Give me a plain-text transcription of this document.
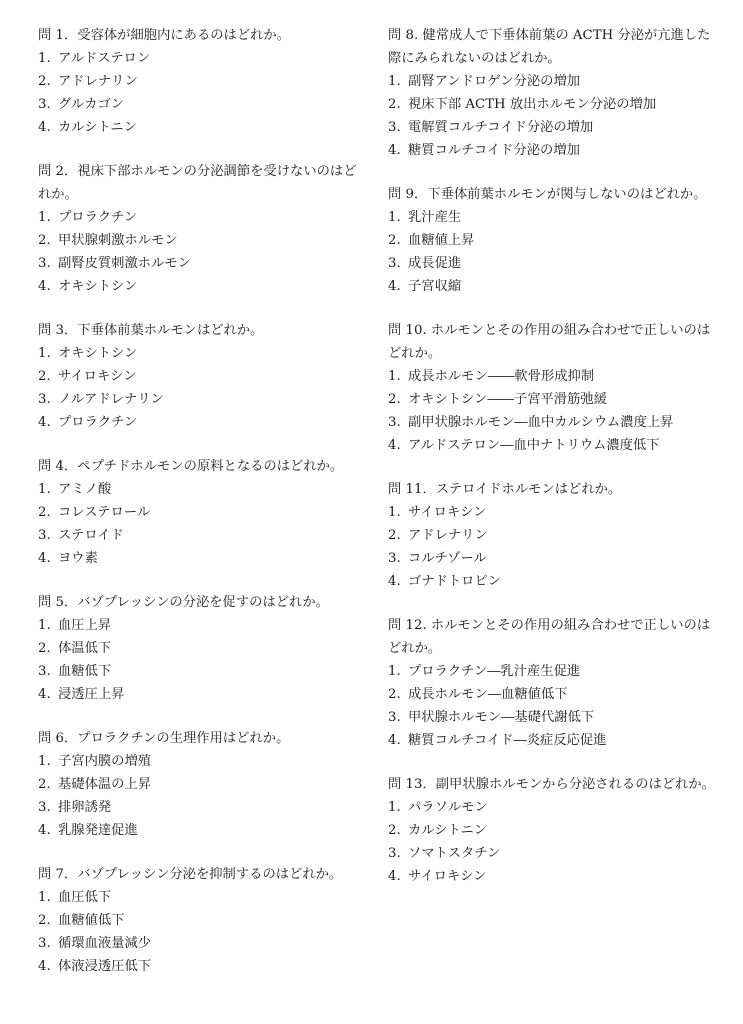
問 1．受容体が細胞内にあるのはどれか。

1. アルドステロン

2. アドレナリン

3. グルカゴン

4. カルシトニン

問 2．視床下部ホルモンの分泌調節を受けないのはどれか。

1. プロラクチン

2. 甲状腺刺激ホルモン

3. 副腎皮質刺激ホルモン

4. オキシトシン

問 3．下垂体前葉ホルモンはどれか。

1. オキシトシン

2. サイロキシン

3. ノルアドレナリン

4. プロラクチン

問 4．ペプチドホルモンの原料となるのはどれか。

1. アミノ酸

2. コレステロール

3. ステロイド

4. ヨウ素

問 5．バゾプレッシンの分泌を促すのはどれか。

1. 血圧上昇

2. 体温低下

3. 血糖低下

4. 浸透圧上昇

問 6．プロラクチンの生理作用はどれか。

1. 子宮内膜の増殖

2. 基礎体温の上昇

3. 排卵誘発

4. 乳腺発達促進

問 7．バゾプレッシン分泌を抑制するのはどれか。

1. 血圧低下

2. 血糖値低下

3. 循環血液量減少

4. 体液浸透圧低下

問 8. 健常成人で下垂体前葉の ACTH 分泌が亢進した際にみられないのはどれか。

1. 副腎アンドロゲン分泌の増加

2. 視床下部 ACTH 放出ホルモン分泌の増加

3. 電解質コルチコイド分泌の増加

4. 糖質コルチコイド分泌の増加

問 9．下垂体前葉ホルモンが関与しないのはどれか。

1. 乳汁産生

2. 血糖値上昇

3. 成長促進

4. 子宮収縮

問 10. ホルモンとその作用の組み合わせで正しいのはどれか。

1. 成長ホルモン――軟骨形成抑制

2. オキシトシン――子宮平滑筋弛緩

3. 副甲状腺ホルモン―血中カルシウム濃度上昇

4. アルドステロン―血中ナトリウム濃度低下

問 11．ステロイドホルモンはどれか。

1. サイロキシン

2. アドレナリン

3. コルチゾール

4. ゴナドトロピン

問 12. ホルモンとその作用の組み合わせで正しいのはどれか。

1. プロラクチン―乳汁産生促進

2. 成長ホルモン―血糖値低下

3. 甲状腺ホルモン―基礎代謝低下

4. 糖質コルチコイド―炎症反応促進

問 13．副甲状腺ホルモンから分泌されるのはどれか。

1. パラソルモン

2. カルシトニン

3. ソマトスタチン

4. サイロキシン
